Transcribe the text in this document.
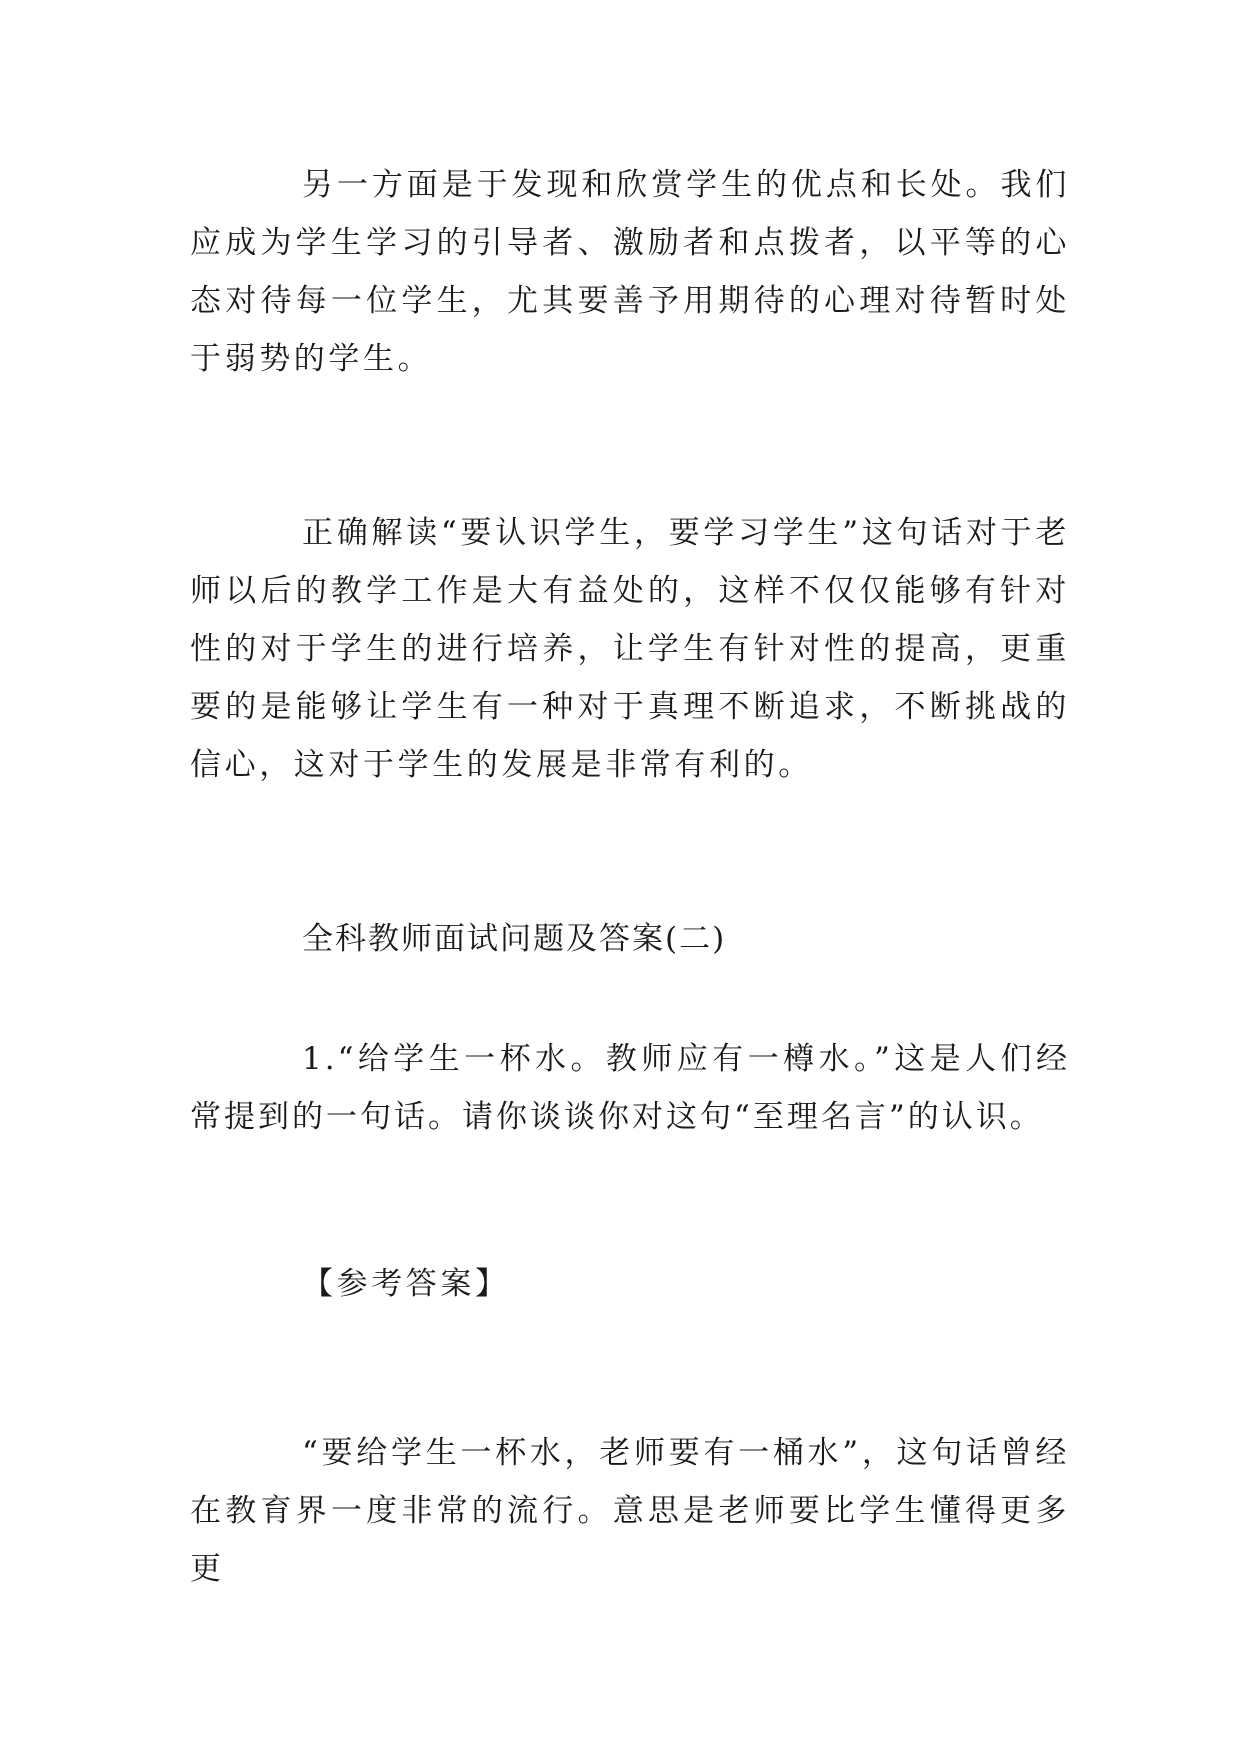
另一方面是于发现和欣赏学生的优点和长处。我们应成为学生学习的引导者、激励者和点拨者，以平等的心态对待每一位学生，尤其要善予用期待的心理对待暂时处于弱势的学生。

正确解读“要认识学生，要学习学生”这句话对于老师以后的教学工作是大有益处的，这样不仅仅能够有针对性的对于学生的进行培养，让学生有针对性的提高，更重要的是能够让学生有一种对于真理不断追求，不断挑战的信心，这对于学生的发展是非常有利的。

全科教师面试问题及答案(二)

1.“给学生一杯水。教师应有一樽水。”这是人们经常提到的一句话。请你谈谈你对这句“至理名言”的认识。

【参考答案】

“要给学生一杯水，老师要有一桶水”，这句话曾经在教育界一度非常的流行。意思是老师要比学生懂得更多更
